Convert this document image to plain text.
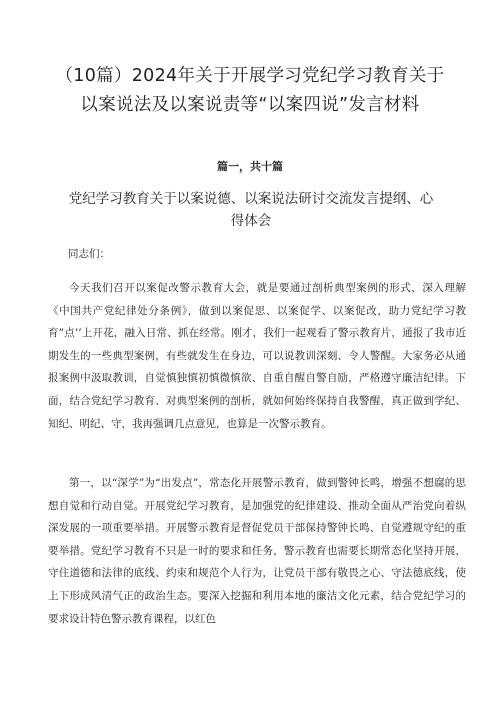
（10篇）2024年关于开展学习党纪学习教育关于以案说法及以案说责等“以案四说”发言材料
篇一，共十篇
党纪学习教育关于以案说德、以案说法研讨交流发言提纲、心得体会
同志们：

今天我们召开以案促改警示教育大会，就是要通过剖析典型案例的形式，深入理解《中国共产党纪律处分条例》，做到以案促思、以案促学、以案促改，助力党纪学习教育”点’’上开花，融入日常、抓在经常。刚才，我们一起观看了警示教育片，通报了我市近期发生的一些典型案例，有些就发生在身边，可以说教训深刻、令人警醒。大家务必从通报案例中汲取教训，自觉慎独慎初慎微慎欲、自重自醒自警自励，严格遵守廉洁纪律。下面，结合党纪学习教育、对典型案例的剖析，就如何始终保持自我警醒，真正做到学纪、知纪、明纪、守，我再强调几点意见，也算是一次警示教育。

第一，以“深学”为“出发点”，常态化开展警示教育，做到警钟长鸣，增强不想腐的思想自觉和行动自觉。开展党纪学习教育，是加强党的纪律建设、推动全面从严治党向着纵深发展的一项重要举措。开展警示教育是督促党员干部保持警钟长鸣、自觉遵规守纪的重要举措。党纪学习教育不只是一时的要求和任务，警示教育也需要长期常态化坚持开展，守住道德和法律的底线、约束和规范个人行为，让党员干部有敬畏之心、守法德底线，使上下形成风清气正的政治生态。要深入挖掘和利用本地的廉洁文化元素，结合党纪学习的要求设计特色警示教育课程，以红色
